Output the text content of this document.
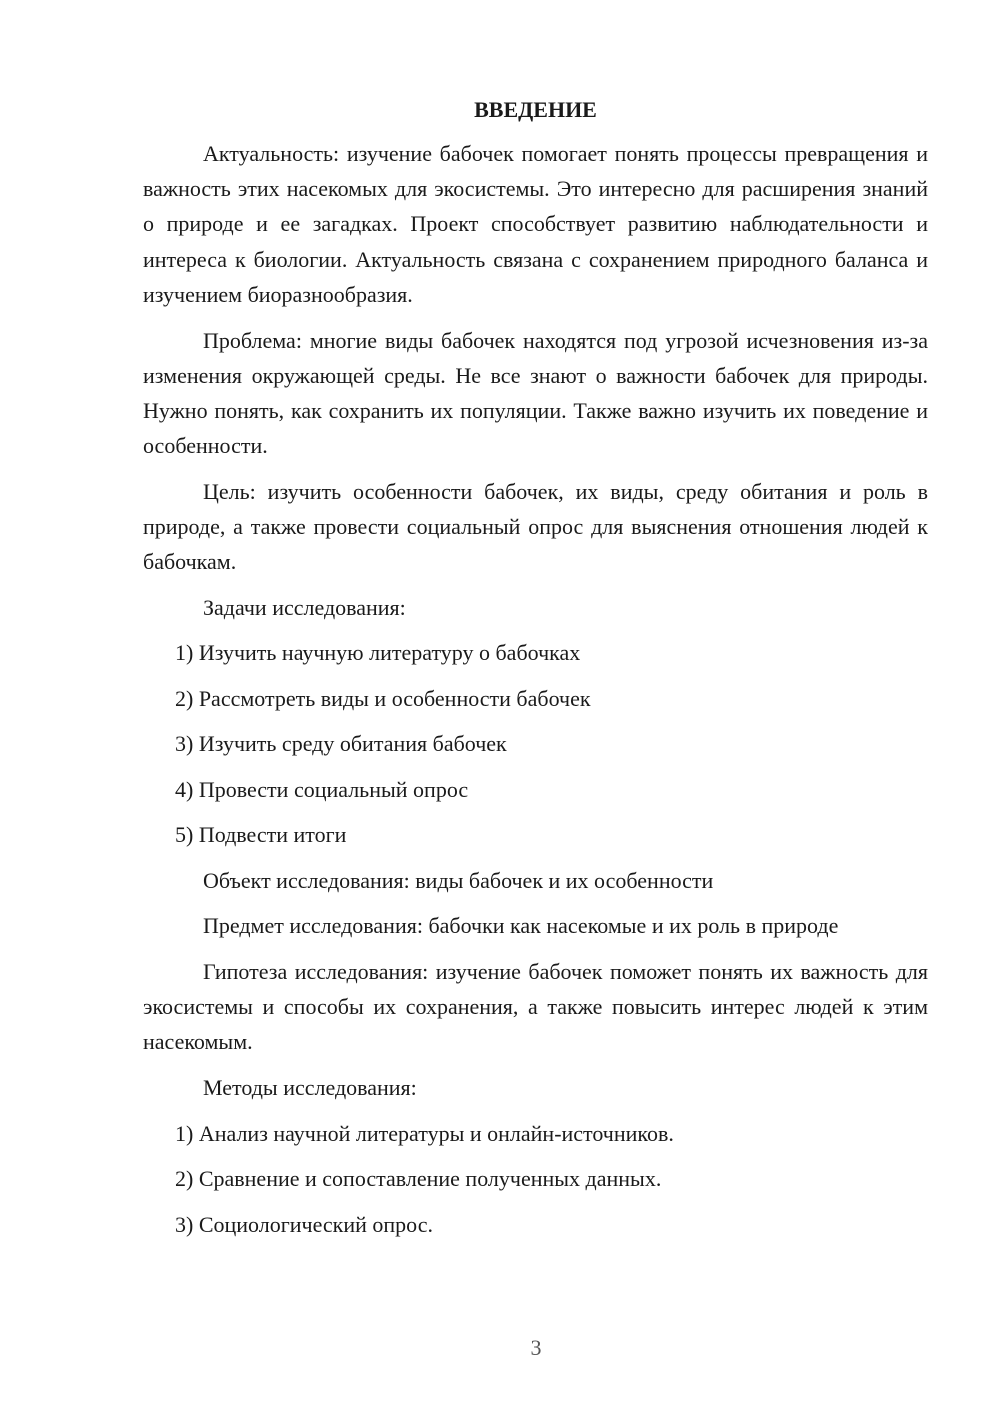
ВВЕДЕНИЕ

Актуальность: изучение бабочек помогает понять процессы превращения и важность этих насекомых для экосистемы. Это интересно для расширения знаний о природе и ее загадках. Проект способствует развитию наблюдательности и интереса к биологии. Актуальность связана с сохранением природного баланса и изучением биоразнообразия.

Проблема: многие виды бабочек находятся под угрозой исчезновения из-за изменения окружающей среды. Не все знают о важности бабочек для природы. Нужно понять, как сохранить их популяции. Также важно изучить их поведение и особенности.

Цель: изучить особенности бабочек, их виды, среду обитания и роль в природе, а также провести социальный опрос для выяснения отношения людей к бабочкам.

Задачи исследования:

1) Изучить научную литературу о бабочках
2) Рассмотреть виды и особенности бабочек
3) Изучить среду обитания бабочек
4) Провести социальный опрос
5) Подвести итоги

Объект исследования: виды бабочек и их особенности

Предмет исследования: бабочки как насекомые и их роль в природе

Гипотеза исследования: изучение бабочек поможет понять их важность для экосистемы и способы их сохранения, а также повысить интерес людей к этим насекомым.

Методы исследования:

1) Анализ научной литературы и онлайн-источников.
2) Сравнение и сопоставление полученных данных.
3) Социологический опрос.
3
